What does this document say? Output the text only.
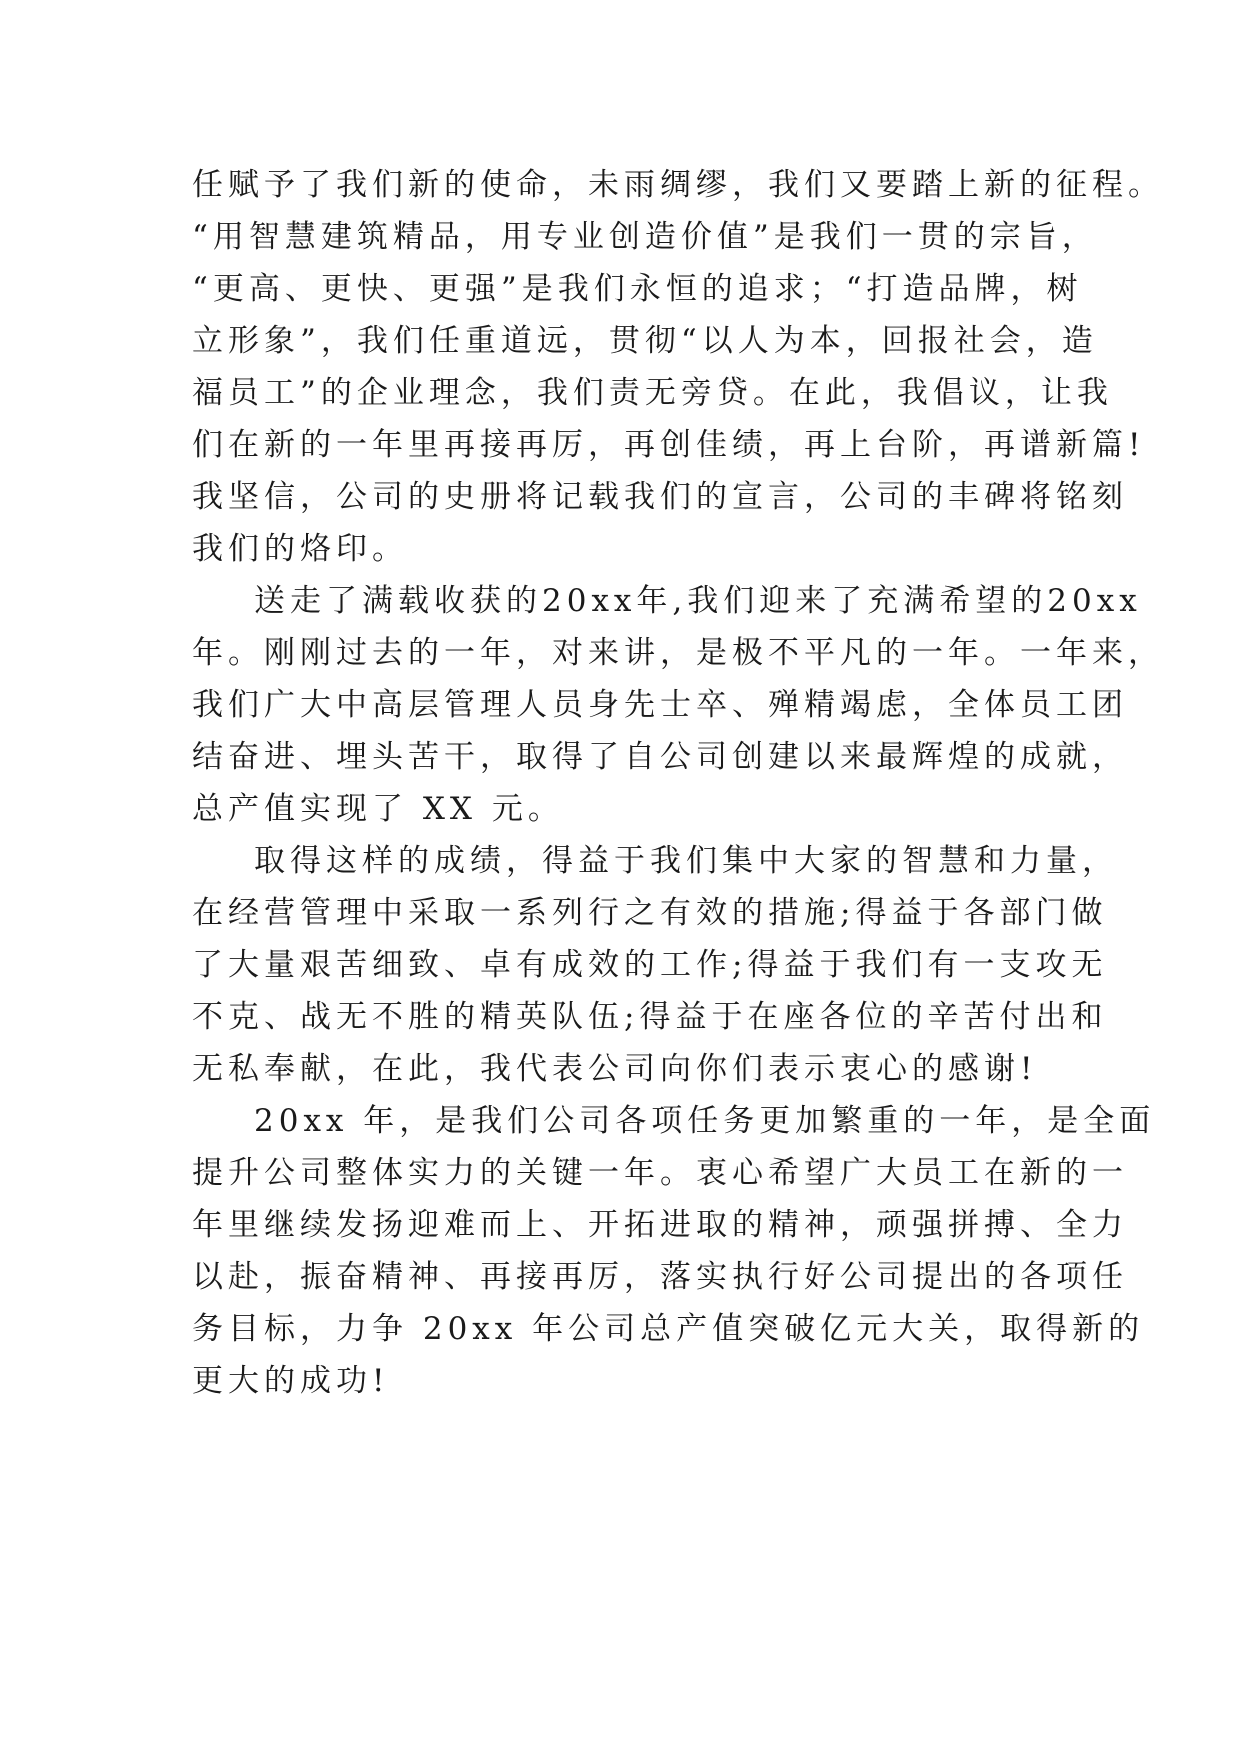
任赋予了我们新的使命，未雨绸缪，我们又要踏上新的征程。
“用智慧建筑精品，用专业创造价值”是我们一贯的宗旨，
“更高、更快、更强”是我们永恒的追求；“打造品牌，树
立形象”，我们任重道远，贯彻“以人为本，回报社会，造
福员工”的企业理念，我们责无旁贷。在此，我倡议，让我
们在新的一年里再接再厉，再创佳绩，再上台阶，再谱新篇!
我坚信，公司的史册将记载我们的宣言，公司的丰碑将铭刻
我们的烙印。
送走了满载收获的20xx年,我们迎来了充满希望的20xx
年。刚刚过去的一年，对来讲，是极不平凡的一年。一年来，
我们广大中高层管理人员身先士卒、殚精竭虑，全体员工团
结奋进、埋头苦干，取得了自公司创建以来最辉煌的成就，
总产值实现了 XX 元。
取得这样的成绩，得益于我们集中大家的智慧和力量，
在经营管理中采取一系列行之有效的措施;得益于各部门做
了大量艰苦细致、卓有成效的工作;得益于我们有一支攻无
不克、战无不胜的精英队伍;得益于在座各位的辛苦付出和
无私奉献，在此，我代表公司向你们表示衷心的感谢!
20xx 年，是我们公司各项任务更加繁重的一年，是全面
提升公司整体实力的关键一年。衷心希望广大员工在新的一
年里继续发扬迎难而上、开拓进取的精神，顽强拼搏、全力
以赴，振奋精神、再接再厉，落实执行好公司提出的各项任
务目标，力争 20xx 年公司总产值突破亿元大关，取得新的
更大的成功!
